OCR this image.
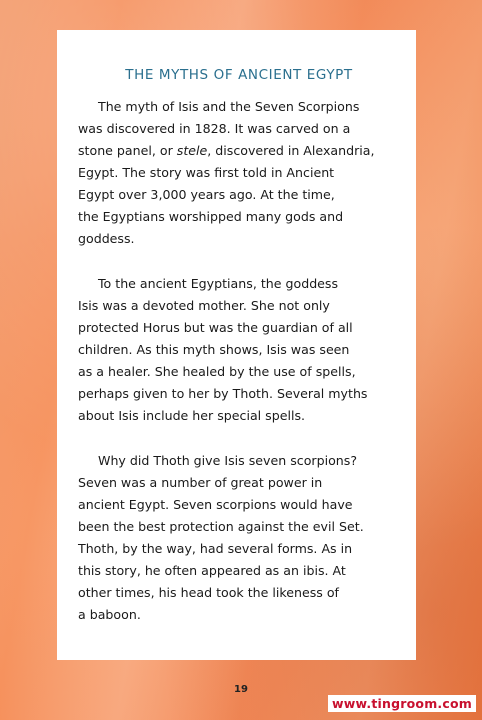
THE MYTHS OF ANCIENT EGYPT
The myth of Isis and the Seven Scorpions
was discovered in 1828. It was carved on a
stone panel, or stele, discovered in Alexandria,
Egypt. The story was first told in Ancient
Egypt over 3,000 years ago. At the time,
the Egyptians worshipped many gods and
goddess.
To the ancient Egyptians, the goddess
Isis was a devoted mother. She not only
protected Horus but was the guardian of all
children. As this myth shows, Isis was seen
as a healer. She healed by the use of spells,
perhaps given to her by Thoth. Several myths
about Isis include her special spells.
Why did Thoth give Isis seven scorpions?
Seven was a number of great power in
ancient Egypt. Seven scorpions would have
been the best protection against the evil Set.
Thoth, by the way, had several forms. As in
this story, he often appeared as an ibis. At
other times, his head took the likeness of
a baboon.
19
www.tingroom.com
